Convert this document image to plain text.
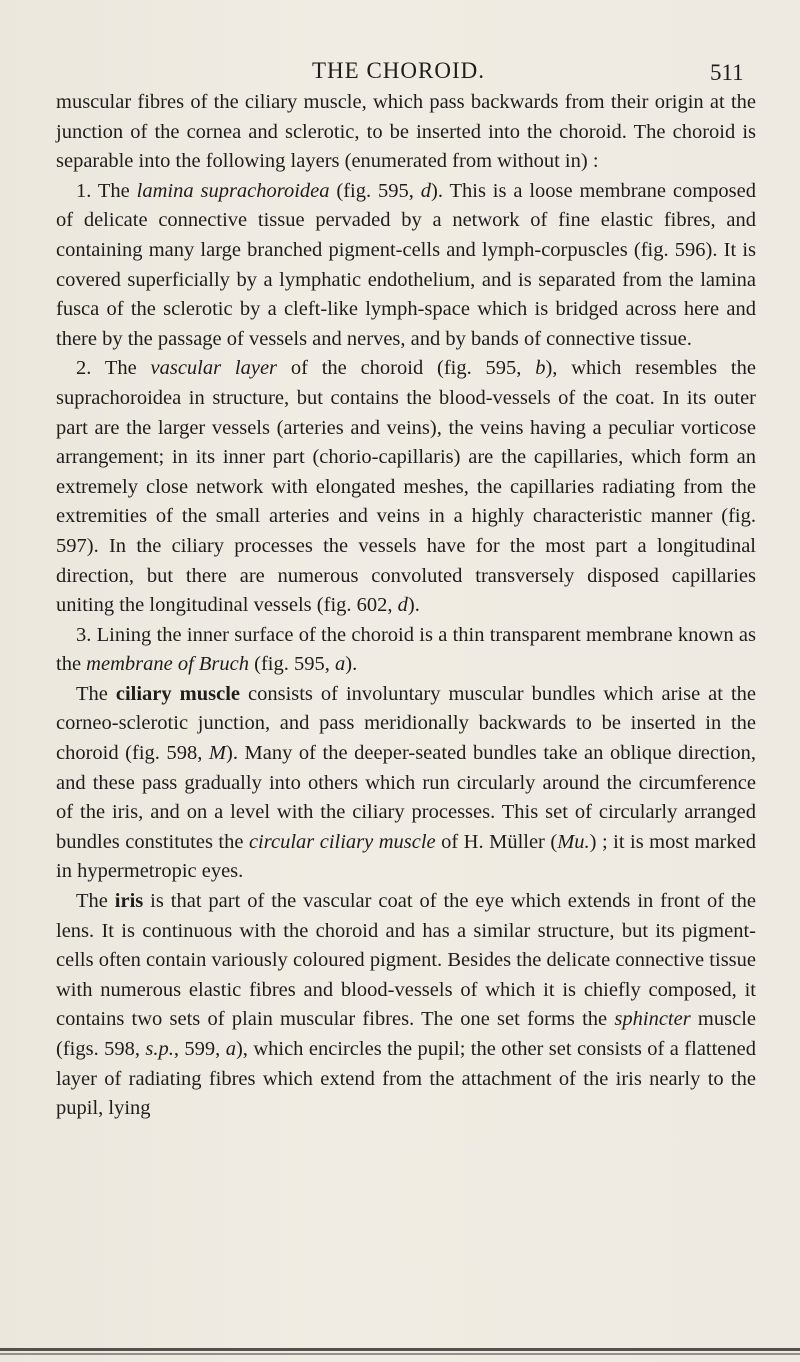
THE CHOROID.	511

muscular fibres of the ciliary muscle, which pass backwards from their origin at the junction of the cornea and sclerotic, to be inserted into the choroid. The choroid is separable into the following layers (enumerated from without in) :

1. The lamina suprachoroidea (fig. 595, d). This is a loose membrane composed of delicate connective tissue pervaded by a network of fine elastic fibres, and containing many large branched pigment-cells and lymph-corpuscles (fig. 596). It is covered superficially by a lymphatic endothelium, and is separated from the lamina fusca of the sclerotic by a cleft-like lymph-space which is bridged across here and there by the passage of vessels and nerves, and by bands of connective tissue.

2. The vascular layer of the choroid (fig. 595, b), which resembles the suprachoroidea in structure, but contains the blood-vessels of the coat. In its outer part are the larger vessels (arteries and veins), the veins having a peculiar vorticose arrangement; in its inner part (chorio-capillaris) are the capillaries, which form an extremely close network with elongated meshes, the capillaries radiating from the extremities of the small arteries and veins in a highly characteristic manner (fig. 597). In the ciliary processes the vessels have for the most part a longitudinal direction, but there are numerous convoluted transversely disposed capillaries uniting the longitudinal vessels (fig. 602, d).

3. Lining the inner surface of the choroid is a thin transparent membrane known as the membrane of Bruch (fig. 595, a).

The ciliary muscle consists of involuntary muscular bundles which arise at the corneo-sclerotic junction, and pass meridionally backwards to be inserted in the choroid (fig. 598, M). Many of the deeper-seated bundles take an oblique direction, and these pass gradually into others which run circularly around the circumference of the iris, and on a level with the ciliary processes. This set of circularly arranged bundles constitutes the circular ciliary muscle of H. Müller (Mu.) ; it is most marked in hypermetropic eyes.

The iris is that part of the vascular coat of the eye which extends in front of the lens. It is continuous with the choroid and has a similar structure, but its pigment-cells often contain variously coloured pigment. Besides the delicate connective tissue with numerous elastic fibres and blood-vessels of which it is chiefly composed, it contains two sets of plain muscular fibres. The one set forms the sphincter muscle (figs. 598, s.p., 599, a), which encircles the pupil; the other set consists of a flattened layer of radiating fibres which extend from the attachment of the iris nearly to the pupil, lying
